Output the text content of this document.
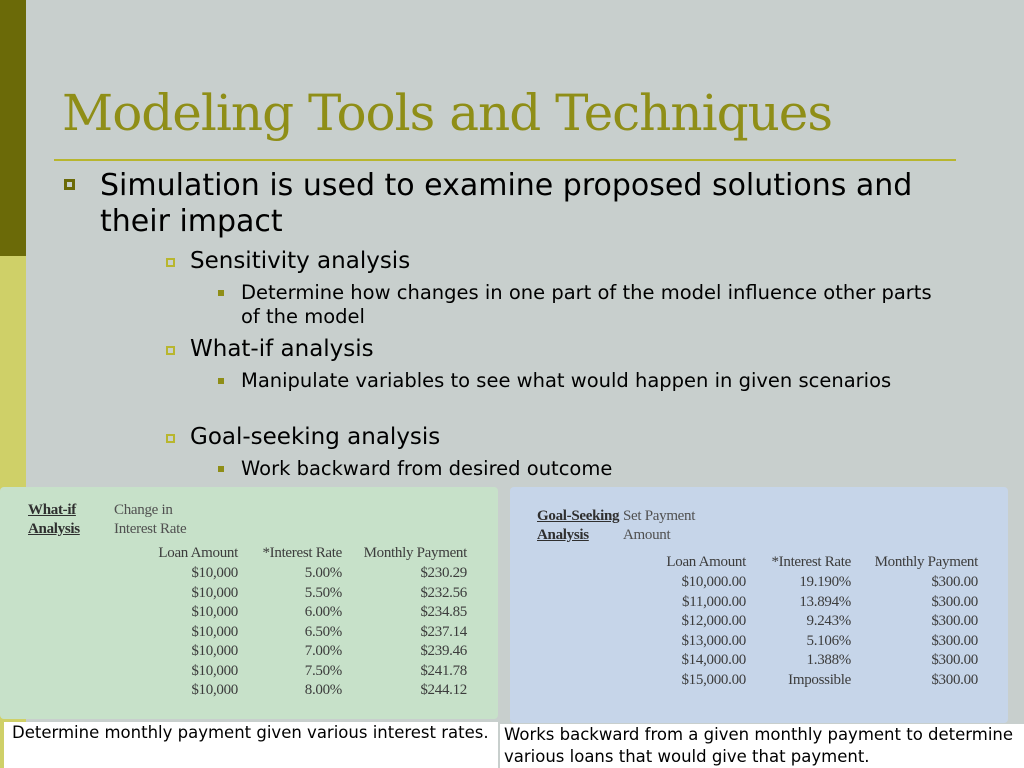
Modeling Tools and Techniques
Simulation is used to examine proposed solutions and their impact
Sensitivity analysis
Determine how changes in one part of the model influence other parts of the model
What-if analysis
Manipulate variables to see what would happen in given scenarios
Goal-seeking analysis
Work backward from desired outcome
What-if
Analysis
Change in
Interest Rate
Loan Amount *Interest Rate Monthly Payment
$10,000	5.00%	$230.29
$10,000	5.50%	$232.56
$10,000	6.00%	$234.85
$10,000	6.50%	$237.14
$10,000	7.00%	$239.46
$10,000	7.50%	$241.78
$10,000	8.00%	$244.12
Goal-Seeking
Analysis
Set Payment
Amount
Loan Amount *Interest Rate Monthly Payment
$10,000.00	19.190%	$300.00
$11,000.00	13.894%	$300.00
$12,000.00	9.243%	$300.00
$13,000.00	5.106%	$300.00
$14,000.00	1.388%	$300.00
$15,000.00	Impossible	$300.00
Determine monthly payment given various interest rates. Works backward from a given monthly payment to determine various loans that would give that payment.
